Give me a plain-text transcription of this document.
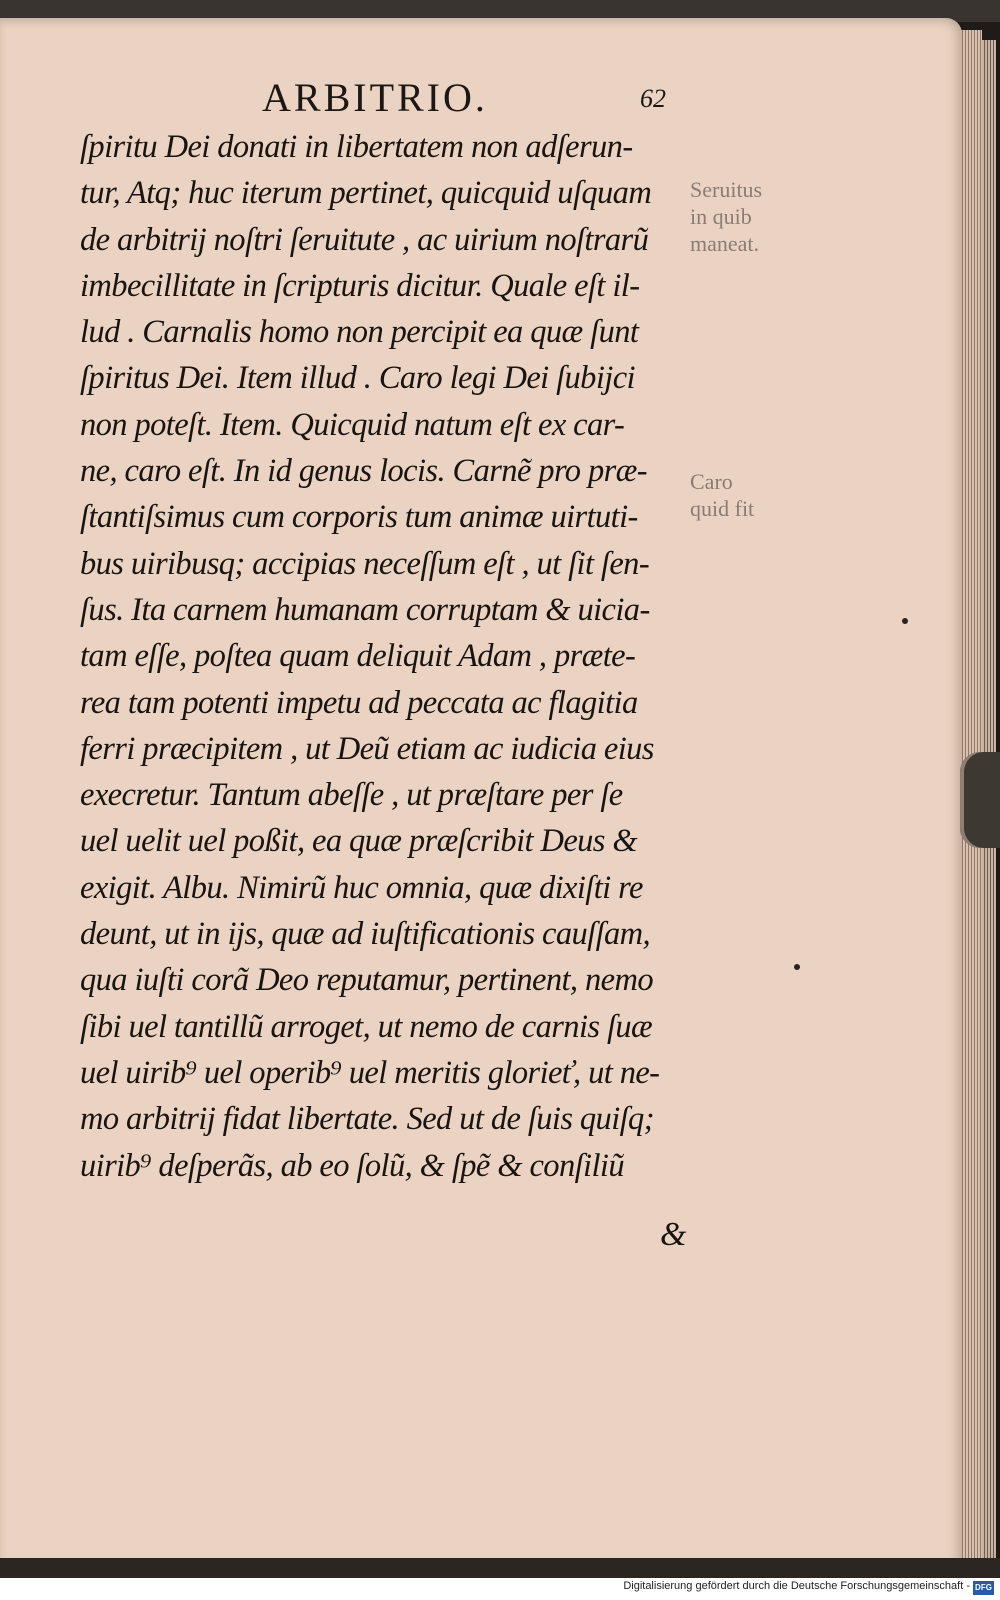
ARBITRIO.	62
ſpiritu Dei donati in libertatem non adſerun-
tur, Atq; huc iterum pertinet, quicquid uſquam
de arbitrij noſtri ſeruitute , ac uirium noſtrarũ
imbecillitate in ſcripturis dicitur. Quale eſt il-
lud . Carnalis homo non percipit ea quæ ſunt
ſpiritus Dei. Item illud . Caro legi Dei ſubijci
non poteſt. Item. Quicquid natum eſt ex car-
ne, caro eſt. In id genus locis. Carnẽ pro præ-
ſtantiſsimus cum corporis tum animæ uirtuti-
bus uiribusq; accipias neceſſum eſt , ut ſit ſen-
ſus. Ita carnem humanam corruptam & uicia-
tam eſſe, poſtea quam deliquit Adam , præte-
rea tam potenti impetu ad peccata ac flagitia
ferri præcipitem , ut Deũ etiam ac iudicia eius
execretur. Tantum abeſſe , ut præſtare per ſe
uel uelit uel poßit, ea quæ præſcribit Deus &
exigit. Albu. Nimirũ huc omnia, quæ dixiſti re
deunt, ut in ijs, quæ ad iuſtificationis cauſſam,
qua iuſti corã Deo reputamur, pertinent, nemo
ſibi uel tantillũ arroget, ut nemo de carnis ſuæ
uel uirib⁹ uel operib⁹ uel meritis glorieť, ut ne-
mo arbitrij fidat libertate. Sed ut de ſuis quiſq;
uirib⁹ deſperãs, ab eo ſolũ, & ſpẽ & conſiliũ
&
Seruitus
in quib
maneat.
Caro
quid fit
Digitalisierung gefördert durch die Deutsche Forschungsgemeinschaft - DFG
